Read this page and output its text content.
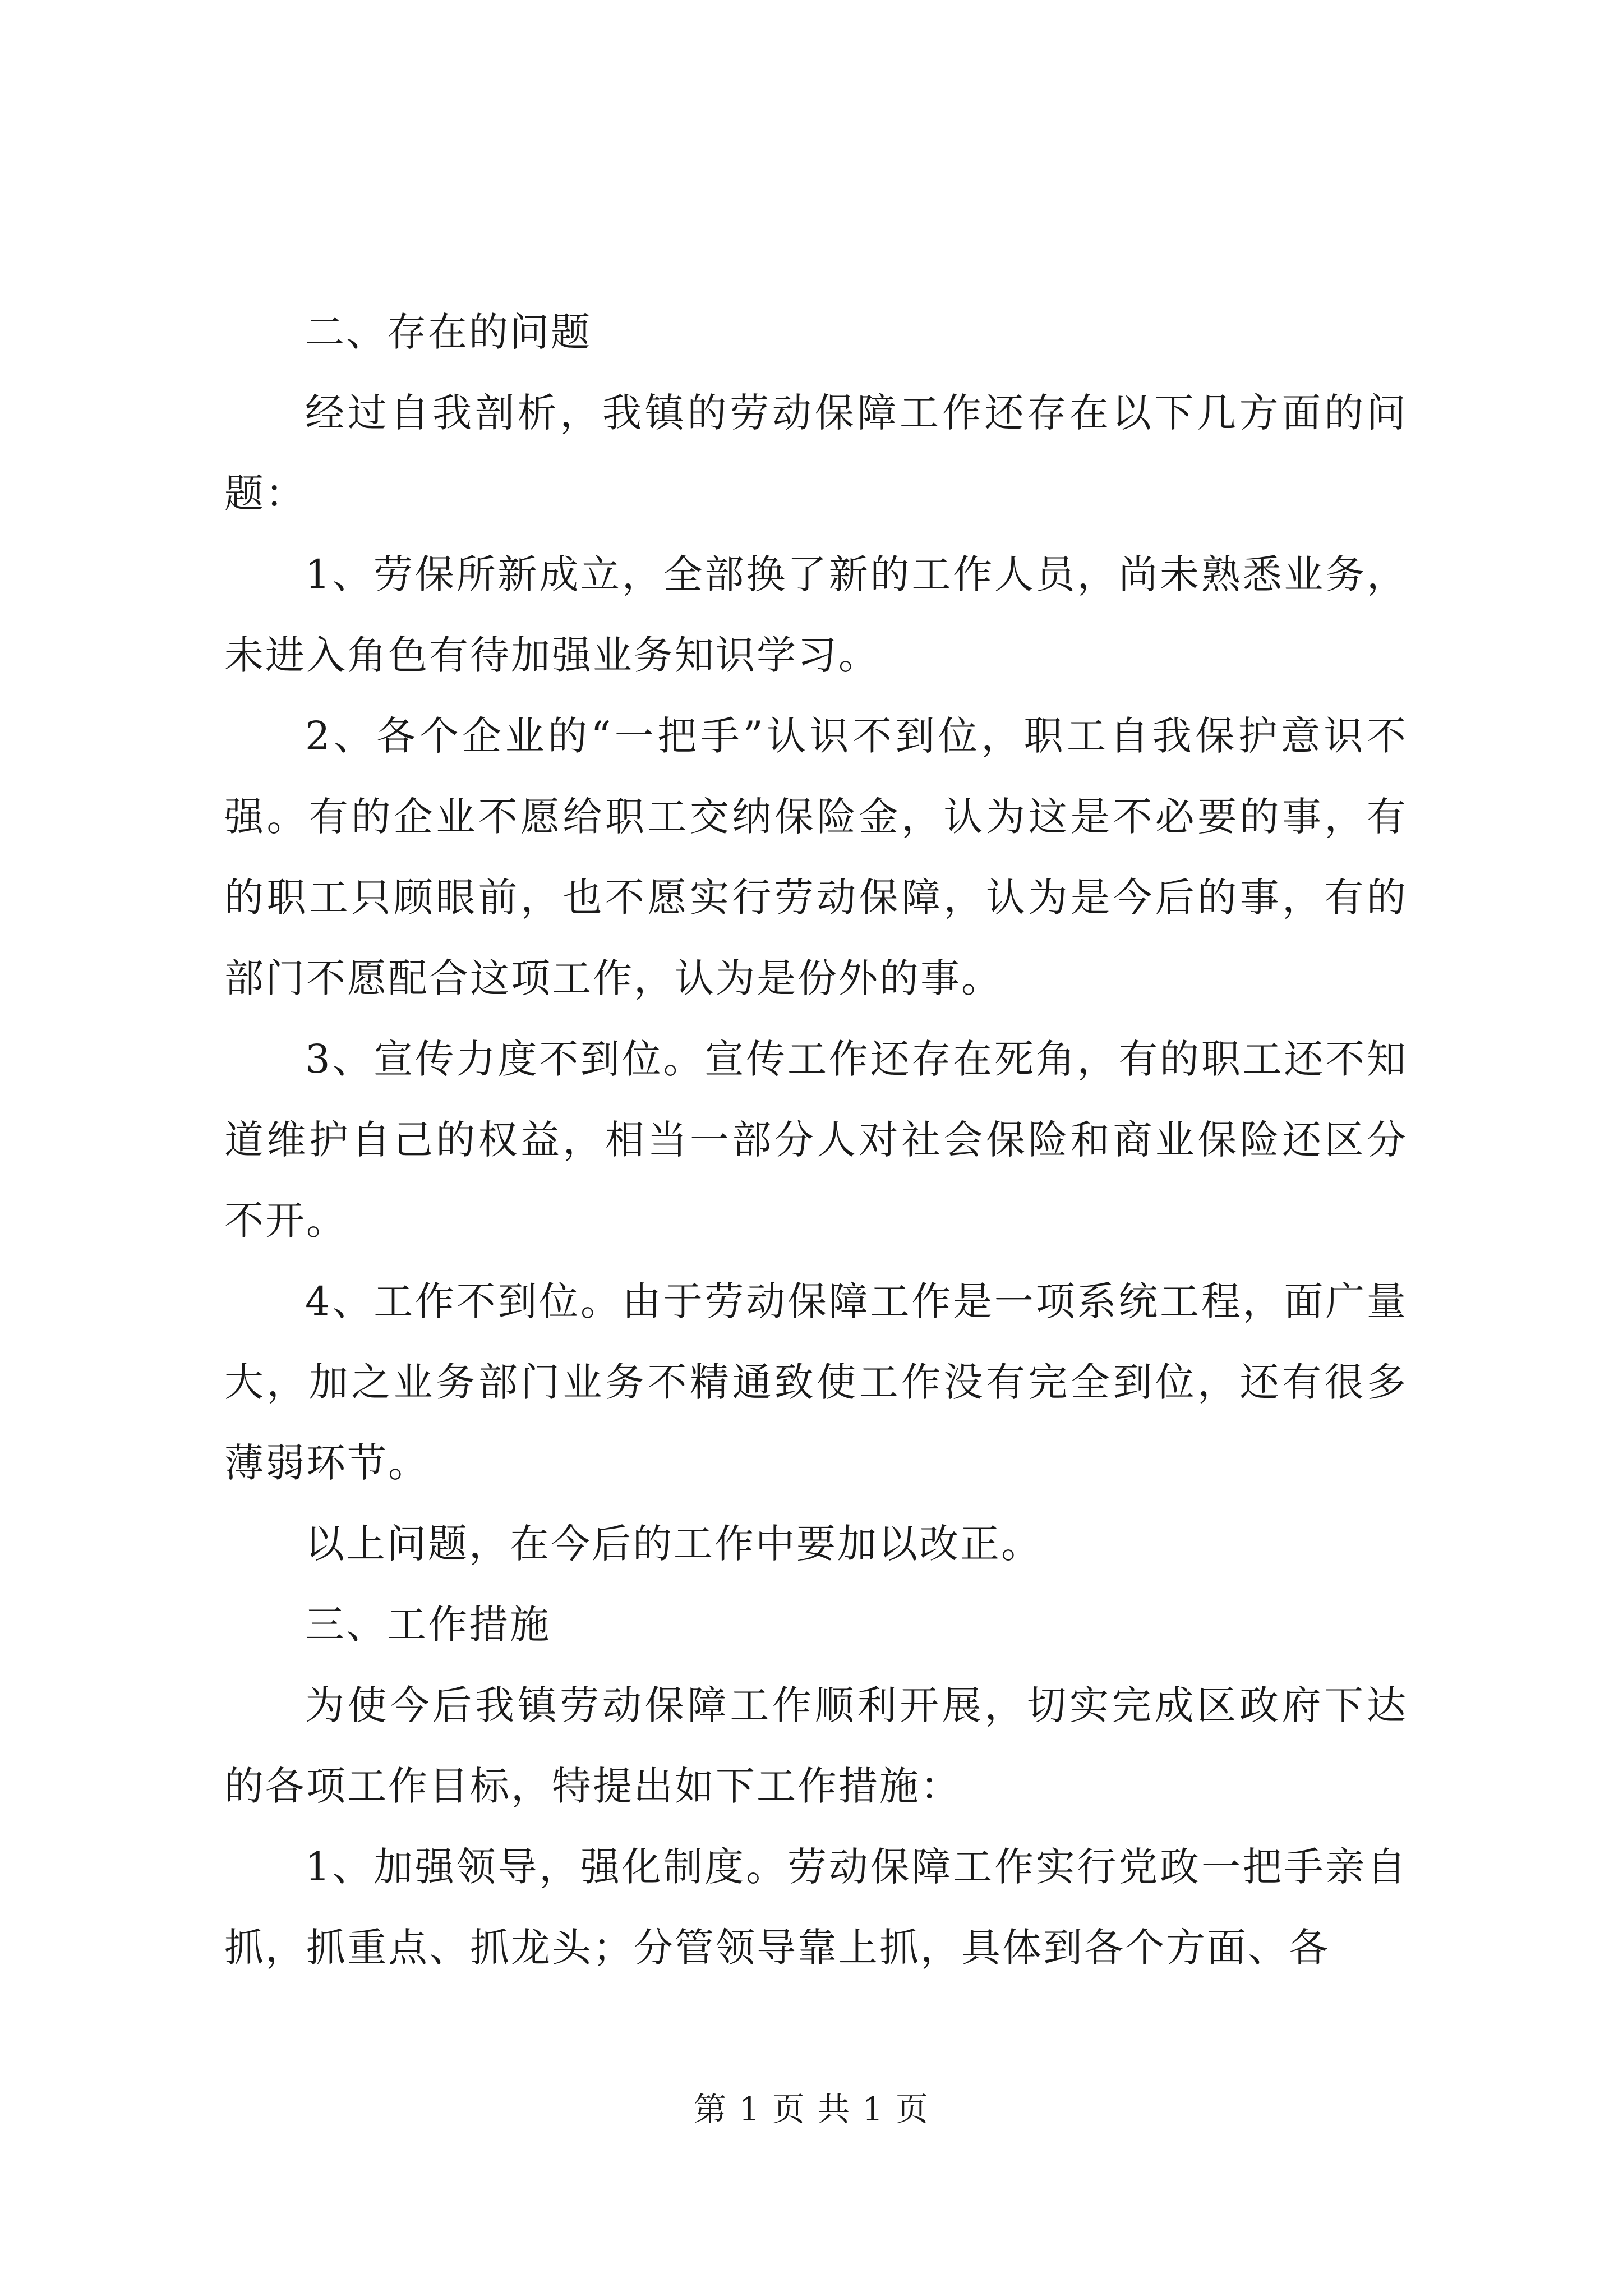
二、存在的问题

经过自我剖析，我镇的劳动保障工作还存在以下几方面的问题：

1、劳保所新成立，全部换了新的工作人员，尚未熟悉业务，未进入角色有待加强业务知识学习。

2、各个企业的“一把手”认识不到位，职工自我保护意识不强。有的企业不愿给职工交纳保险金，认为这是不必要的事，有的职工只顾眼前，也不愿实行劳动保障，认为是今后的事，有的部门不愿配合这项工作，认为是份外的事。

3、宣传力度不到位。宣传工作还存在死角，有的职工还不知道维护自己的权益，相当一部分人对社会保险和商业保险还区分不开。

4、工作不到位。由于劳动保障工作是一项系统工程，面广量大，加之业务部门业务不精通致使工作没有完全到位，还有很多薄弱环节。

以上问题，在今后的工作中要加以改正。

三、工作措施

为使今后我镇劳动保障工作顺利开展，切实完成区政府下达的各项工作目标，特提出如下工作措施：

1、加强领导，强化制度。劳动保障工作实行党政一把手亲自抓，抓重点、抓龙头；分管领导靠上抓，具体到各个方面、各

第 1 页 共 1 页
